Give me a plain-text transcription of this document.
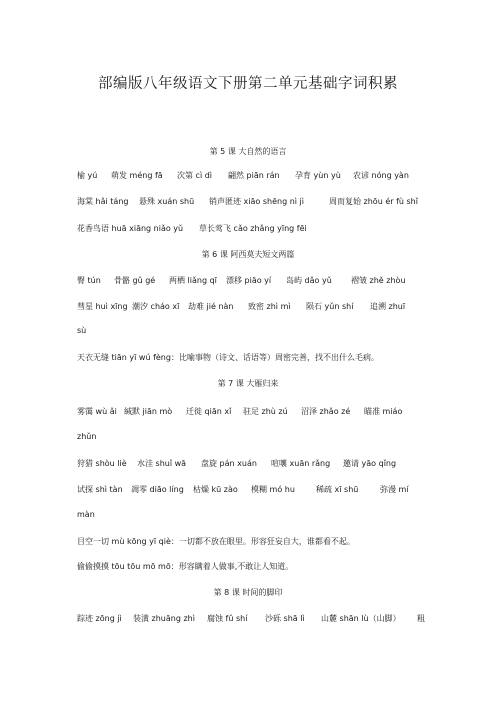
部编版八年级语文下册第二单元基础字词积累
第 5 课 大自然的语言
榆 yú 萌发 méng fā 次第 cì dì 翩然 piān rán 孕育 yùn yù 农谚 nóng yàn
海棠 hǎi táng 悬殊 xuán shū 销声匿迹 xiāo shēng nì jì	周而复始 zhōu ér fù shǐ
花香鸟语 huā xiāng niǎo yǔ 草长莺飞 cǎo zhǎng yīng fēi
第 6 课 阿西莫夫短文两篇
臀 tún 骨骼 gǔ gé 两栖 liǎng qī 漂移 piāo yí 岛屿 dǎo yǔ 褶皱 zhě zhòu
彗星 huì xīng 潮汐 cháo xī 劫难 jié nàn 致密 zhì mì 陨石 yǔn shí 追溯 zhuī
sù
天衣无缝 tiān yī wú fèng：比喻事物（诗文、话语等）周密完善，找不出什么毛病。
第 7 课 大雁归来
雾霭 wù ǎi 缄默 jiān mò 迁徙 qiān xǐ 驻足 zhù zú 沼泽 zhǎo zé 瞄准 miáo
zhǔn
狩猎 shòu liè 水洼 shuǐ wā 盘旋 pán xuán 喧嚷 xuān rǎng 邀请 yāo qǐng
试探 shì tàn 凋零 diāo líng 枯燥 kū zào 模糊 mó hu	稀疏 xī shū	弥漫 mí
màn
目空一切 mù kōng yī qiè：一切都不放在眼里。形容狂妄自大，谁都看不起。
偷偷摸摸 tōu tōu mō mō：形容瞒着人做事,不敢让人知道。
第 8 课 时间的脚印
踪迹 zōng jì 装潢 zhuāng zhì 腐蚀 fǔ shí 沙砾 shā lì 山麓 shān lù（山脚） 粗
